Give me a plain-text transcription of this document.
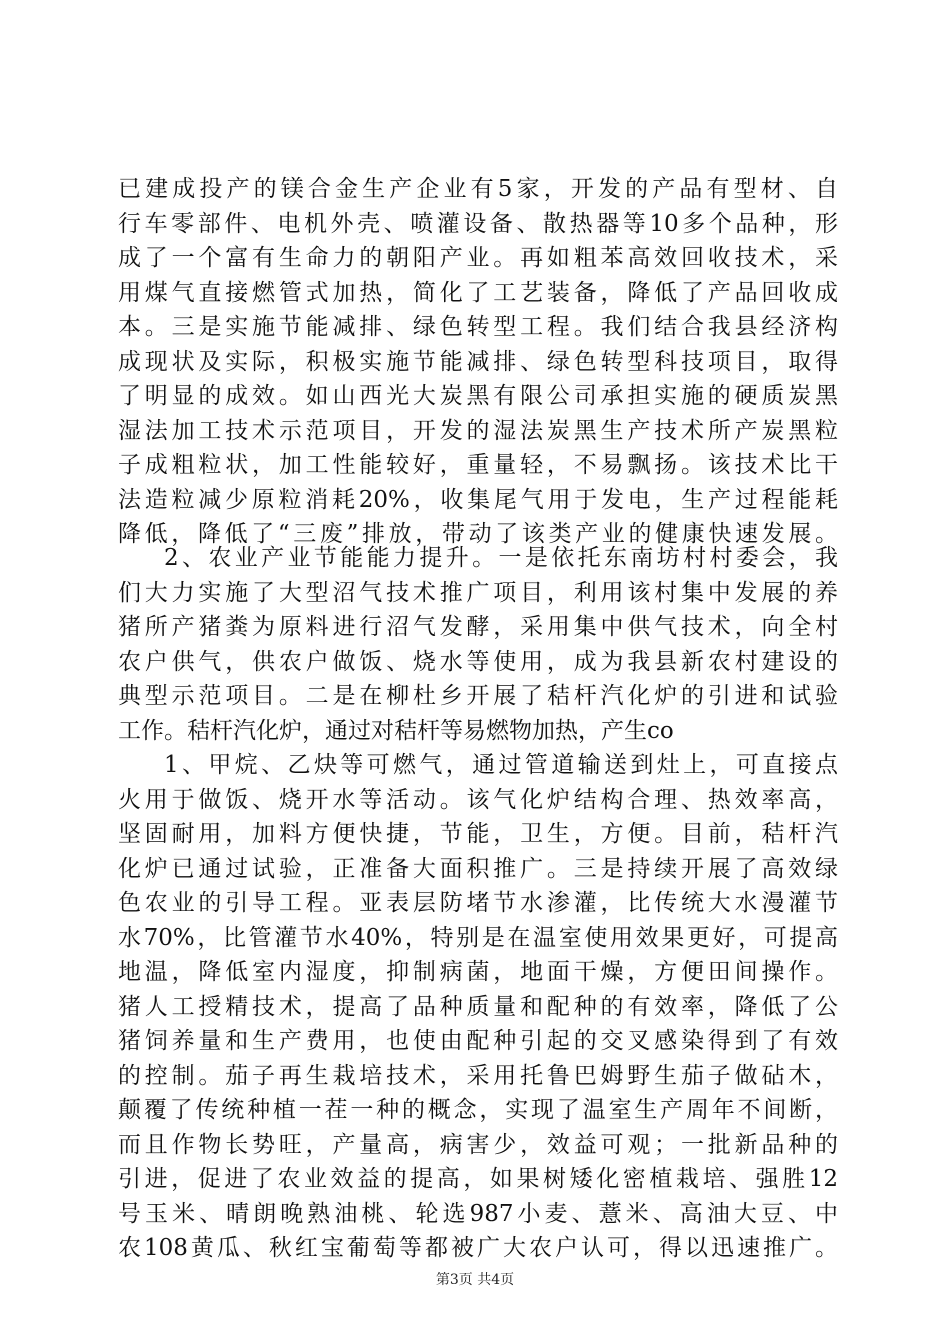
已建成投产的镁合金生产企业有5家，开发的产品有型材、自
行车零部件、电机外壳、喷灌设备、散热器等10多个品种，形
成了一个富有生命力的朝阳产业。再如粗苯高效回收技术，采
用煤气直接燃管式加热，简化了工艺装备，降低了产品回收成
本。三是实施节能减排、绿色转型工程。我们结合我县经济构
成现状及实际，积极实施节能减排、绿色转型科技项目，取得
了明显的成效。如山西光大炭黑有限公司承担实施的硬质炭黑
湿法加工技术示范项目，开发的湿法炭黑生产技术所产炭黑粒
子成粗粒状，加工性能较好，重量轻，不易飘扬。该技术比干
法造粒减少原粒消耗20%，收集尾气用于发电，生产过程能耗
降低，降低了“三废”排放，带动了该类产业的健康快速发展。
2、农业产业节能能力提升。一是依托东南坊村村委会，我
们大力实施了大型沼气技术推广项目，利用该村集中发展的养
猪所产猪粪为原料进行沼气发酵，采用集中供气技术，向全村
农户供气，供农户做饭、烧水等使用，成为我县新农村建设的
典型示范项目。二是在柳杜乡开展了秸杆汽化炉的引进和试验
工作。秸杆汽化炉，通过对秸杆等易燃物加热，产生co
1、甲烷、乙炔等可燃气，通过管道输送到灶上，可直接点
火用于做饭、烧开水等活动。该气化炉结构合理、热效率高，
坚固耐用，加料方便快捷，节能，卫生，方便。目前，秸杆汽
化炉已通过试验，正准备大面积推广。三是持续开展了高效绿
色农业的引导工程。亚表层防堵节水渗灌，比传统大水漫灌节
水70%，比管灌节水40%，特别是在温室使用效果更好，可提高
地温，降低室内湿度，抑制病菌，地面干燥，方便田间操作。
猪人工授精技术，提高了品种质量和配种的有效率，降低了公
猪饲养量和生产费用，也使由配种引起的交叉感染得到了有效
的控制。茄子再生栽培技术，采用托鲁巴姆野生茄子做砧木，
颠覆了传统种植一茬一种的概念，实现了温室生产周年不间断，
而且作物长势旺，产量高，病害少，效益可观；一批新品种的
引进，促进了农业效益的提高，如果树矮化密植栽培、强胜12
号玉米、晴朗晚熟油桃、轮选987小麦、薏米、高油大豆、中
农108黄瓜、秋红宝葡萄等都被广大农户认可，得以迅速推广。
第3页 共4页
